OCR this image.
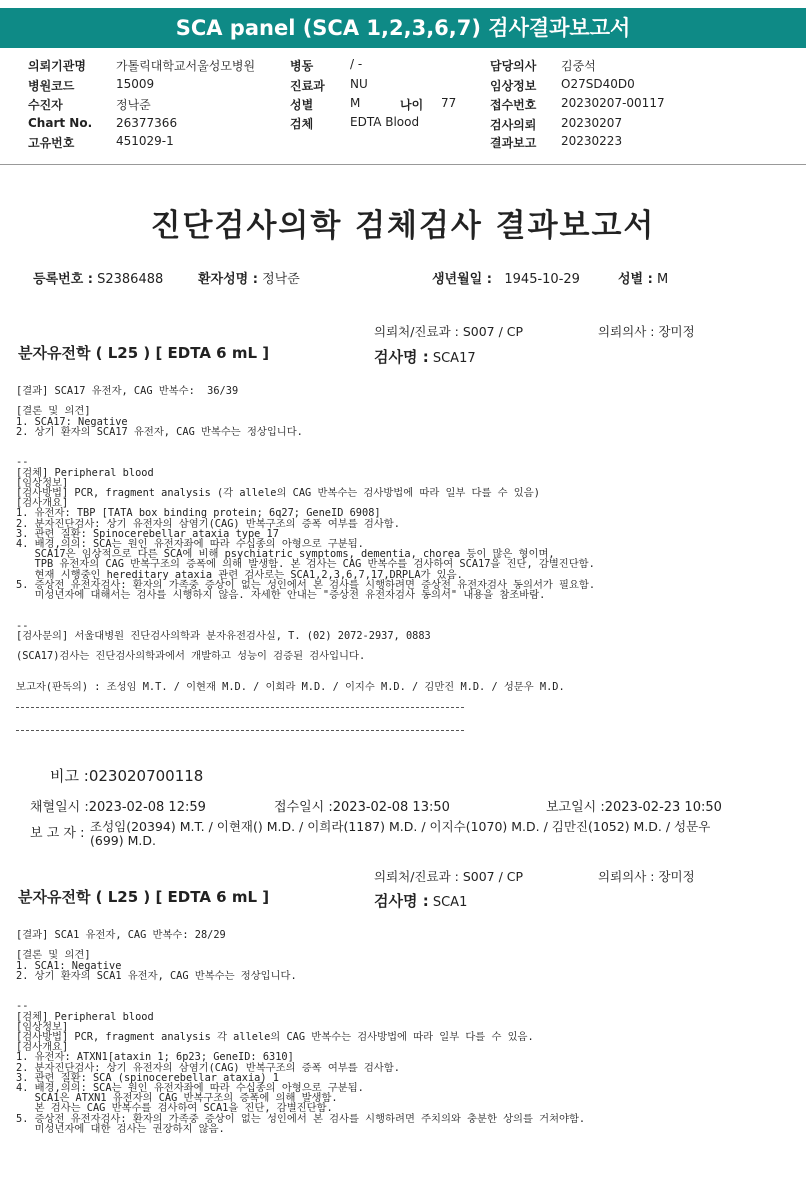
SCA panel (SCA 1,2,3,6,7) 검사결과보고서
의뢰기관명	가톨릭대학교서울성모병원
병원코드	15009
수진자	정낙준
Chart No. 26377366
고유번호	451029-1
병동	/ -
진료과 NU
성별	M	나이 77
검체	EDTA Blood
담당의사 김중석
임상정보 O27SD40D0
접수번호 20230207-00117
검사의뢰 20230207
결과보고 20230223
진단검사의학 검체검사 결과보고서
등록번호 : S2386488	환자성명 : 정낙준	생년월일 : 1945-10-29	성별 : M
의뢰처/진료과 : S007 / CP	의뢰의사 : 장미정
분자유전학 ( L25 ) [ EDTA 6 mL ]	검사명 : SCA17
[결과] SCA17 유전자, CAG 반복수:  36/39

[결론 및 의견]
1. SCA17: Negative
2. 상기 환자의 SCA17 유전자, CAG 반복수는 정상입니다.

--
[검체] Peripheral blood
[임상정보]
[검사방법] PCR, fragment analysis (각 allele의 CAG 반복수는 검사방법에 따라 일부 다를 수 있음)
[검사개요]
1. 유전자: TBP [TATA box binding protein; 6q27; GeneID 6908]
2. 분자진단검사: 상기 유전자의 삼염기(CAG) 반복구조의 증폭 여부를 검사함.
3. 관련 질환: Spinocerebellar ataxia type 17
4. 배경,의의: SCA는 원인 유전자좌에 따라 수십종의 아형으로 구분됨.
SCA17은 임상적으로 다른 SCA에 비해 psychiatric symptoms, dementia, chorea 등이 많은 형이며,
TPB 유전자의 CAG 반복구조의 증폭에 의해 발생함. 본 검사는 CAG 반복수를 검사하여 SCA17을 진단, 감별진단함.
현재 시행중인 hereditary ataxia 관련 검사로는 SCA1,2,3,6,7,17,DRPLA가 있음.
5. 증상전 유전자검사: 환자의 가족중 증상이 없는 성인에서 본 검사를 시행하려면 증상전 유전자검사 동의서가 필요함.
미성년자에 대해서는 검사를 시행하지 않음. 자세한 안내는 "증상전 유전자검사 동의서" 내용을 참조바람.

--
[검사문의] 서울대병원 진단검사의학과 분자유전검사실, T. (02) 2072-2937, 0883

(SCA17)검사는 진단검사의학과에서 개발하고 성능이 검증된 검사입니다.

보고자(판독의) : 조성임 M.T. / 이현재 M.D. / 이희라 M.D. / 이지수 M.D. / 김만진 M.D. / 성문우 M.D.
비고 :023020700118
채혈일시 :2023-02-08 12:59	접수일시 :2023-02-08 13:50	보고일시 :2023-02-23 10:50
보 고 자 : 조성임(20394) M.T. / 이현재() M.D. / 이희라(1187) M.D. / 이지수(1070) M.D. / 김만진(1052) M.D. / 성문우
(699) M.D.
의뢰처/진료과 : S007 / CP	의뢰의사 : 장미정
분자유전학 ( L25 ) [ EDTA 6 mL ]	검사명 : SCA1
[결과] SCA1 유전자, CAG 반복수: 28/29

[결론 및 의견]
1. SCA1: Negative
2. 상기 환자의 SCA1 유전자, CAG 반복수는 정상입니다.

--
[검체] Peripheral blood
[임상정보]
[검사방법] PCR, fragment analysis 각 allele의 CAG 반복수는 검사방법에 따라 일부 다를 수 있음.
[검사개요]
1. 유전자: ATXN1[ataxin 1; 6p23; GeneID: 6310]
2. 분자진단검사: 상기 유전자의 삼염기(CAG) 반복구조의 증폭 여부를 검사함.
3. 관련 질환: SCA (spinocerebellar ataxia) 1
4. 배경,의의: SCA는 원인 유전자좌에 따라 수십종의 아형으로 구분됨.
SCA1은 ATXN1 유전자의 CAG 반복구조의 증폭에 의해 발생함.
본 검사는 CAG 반복수를 검사하여 SCA1을 진단, 감별진단함.
5. 증상전 유전자검사: 환자의 가족중 증상이 없는 성인에서 본 검사를 시행하려면 주치의와 충분한 상의를 거쳐야함.
미성년자에 대한 검사는 권장하지 않음.
